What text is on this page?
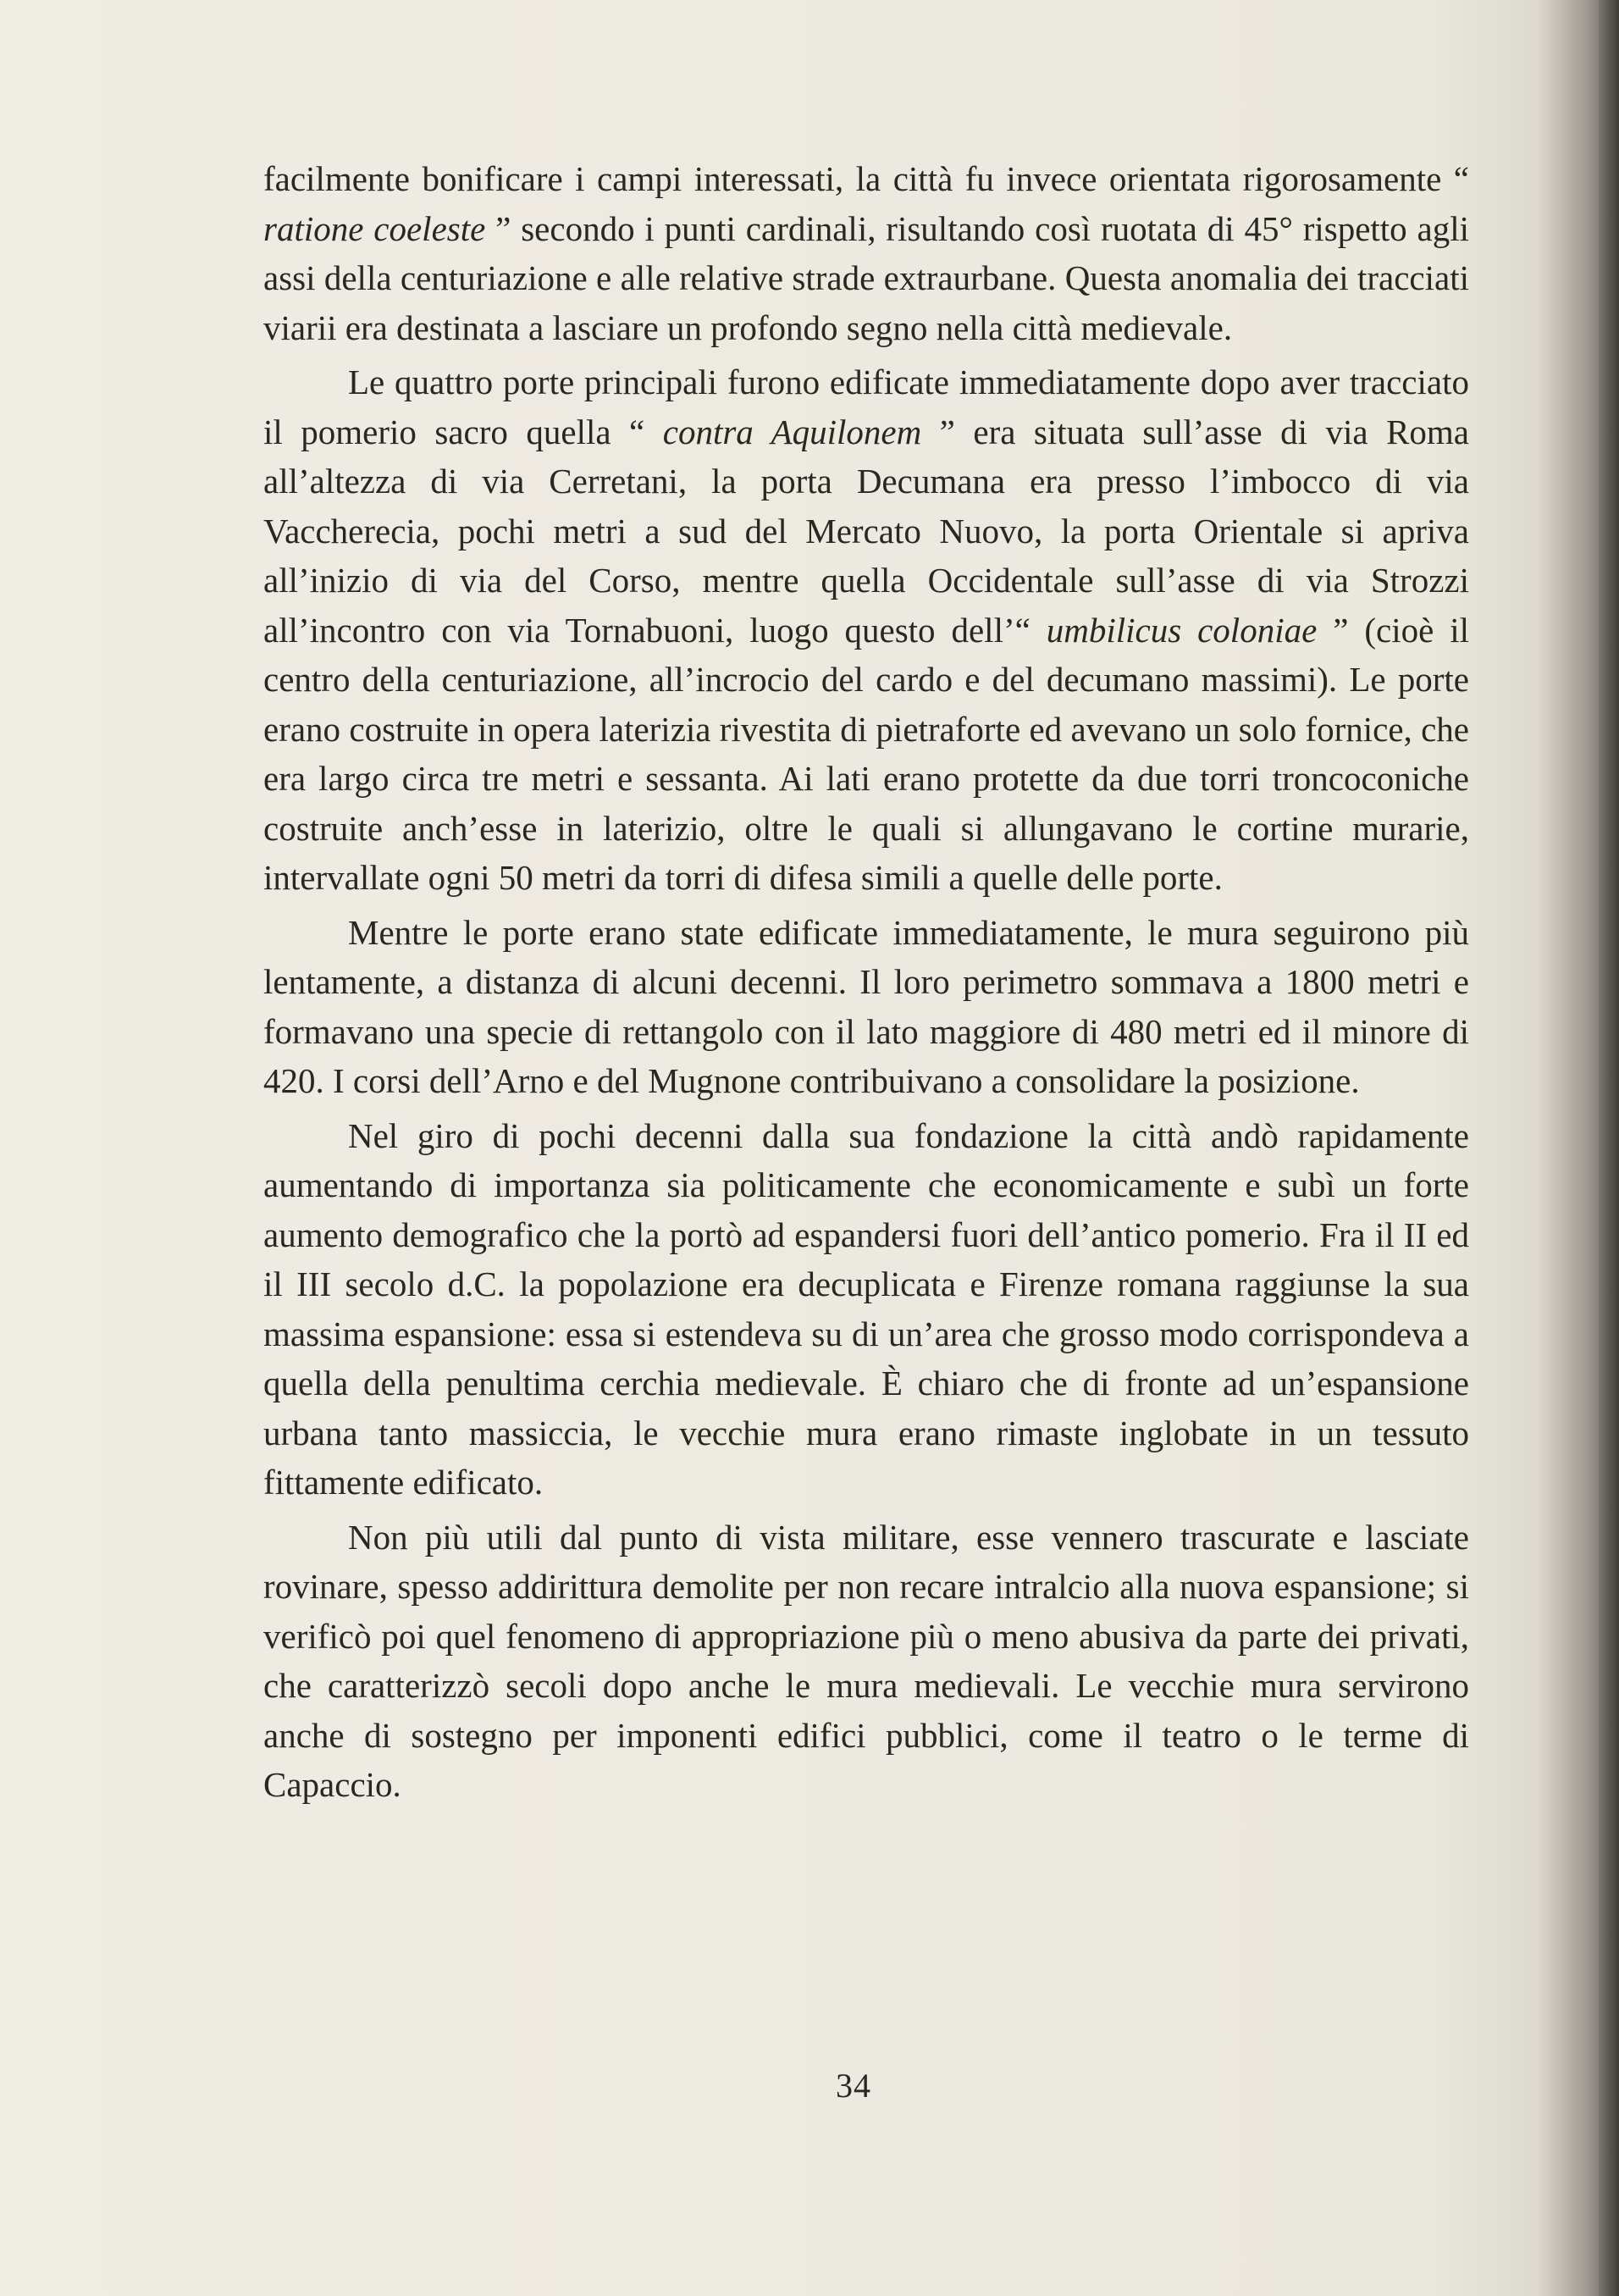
facilmente bonificare i campi interessati, la città fu invece orientata rigorosamente “ ratione coeleste ” secondo i punti cardinali, risultando così ruotata di 45° rispetto agli assi della centuriazione e alle relative strade extraurbane. Questa anomalia dei tracciati viarii era destinata a lasciare un profondo segno nella città medievale.

Le quattro porte principali furono edificate immediatamente dopo aver tracciato il pomerio sacro quella “ contra Aquilonem ” era situata sull’asse di via Roma all’altezza di via Cerretani, la porta Decumana era presso l’imbocco di via Vaccherecia, pochi metri a sud del Mercato Nuovo, la porta Orientale si apriva all’inizio di via del Corso, mentre quella Occidentale sull’asse di via Strozzi all’incontro con via Tornabuoni, luogo questo dell’“ umbilicus coloniae ” (cioè il centro della centuriazione, all’incrocio del cardo e del decumano massimi). Le porte erano costruite in opera laterizia rivestita di pietraforte ed avevano un solo fornice, che era largo circa tre metri e sessanta. Ai lati erano protette da due torri troncoconiche costruite anch’esse in laterizio, oltre le quali si allungavano le cortine murarie, intervallate ogni 50 metri da torri di difesa simili a quelle delle porte.

Mentre le porte erano state edificate immediatamente, le mura seguirono più lentamente, a distanza di alcuni decenni. Il loro perimetro sommava a 1800 metri e formavano una specie di rettangolo con il lato maggiore di 480 metri ed il minore di 420. I corsi dell’Arno e del Mugnone contribuivano a consolidare la posizione.

Nel giro di pochi decenni dalla sua fondazione la città andò rapidamente aumentando di importanza sia politicamente che economicamente e subì un forte aumento demografico che la portò ad espandersi fuori dell’antico pomerio. Fra il II ed il III secolo d.C. la popolazione era decuplicata e Firenze romana raggiunse la sua massima espansione: essa si estendeva su di un’area che grosso modo corrispondeva a quella della penultima cerchia medievale. È chiaro che di fronte ad un’espansione urbana tanto massiccia, le vecchie mura erano rimaste inglobate in un tessuto fittamente edificato.

Non più utili dal punto di vista militare, esse vennero trascurate e lasciate rovinare, spesso addirittura demolite per non recare intralcio alla nuova espansione; si verificò poi quel fenomeno di appropriazione più o meno abusiva da parte dei privati, che caratterizzò secoli dopo anche le mura medievali. Le vecchie mura servirono anche di sostegno per imponenti edifici pubblici, come il teatro o le terme di Capaccio.

34
